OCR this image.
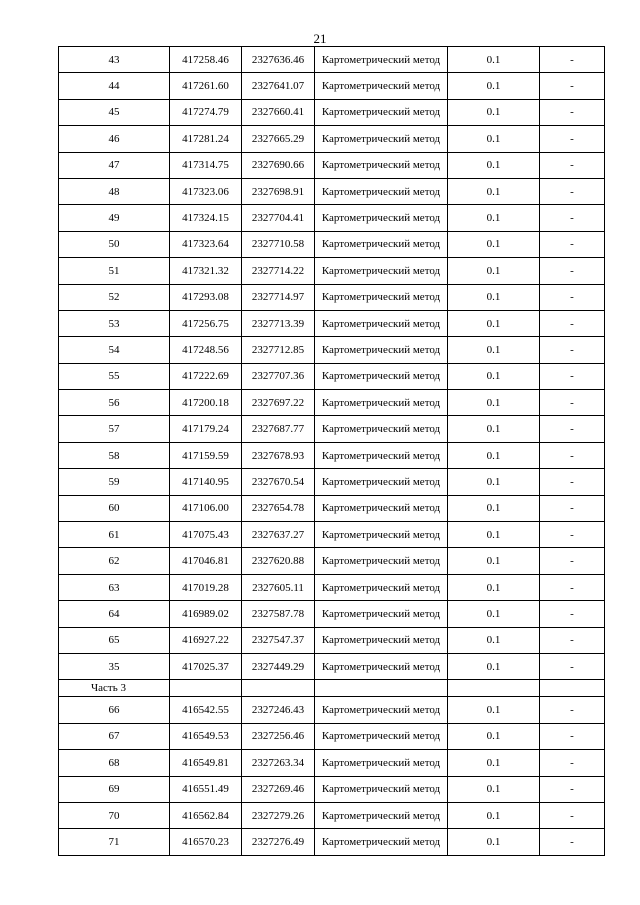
21
43	417258.46	2327636.46	Картометрический метод	0.1	-
44	417261.60	2327641.07	Картометрический метод	0.1	-
45	417274.79	2327660.41	Картометрический метод	0.1	-
46	417281.24	2327665.29	Картометрический метод	0.1	-
47	417314.75	2327690.66	Картометрический метод	0.1	-
48	417323.06	2327698.91	Картометрический метод	0.1	-
49	417324.15	2327704.41	Картометрический метод	0.1	-
50	417323.64	2327710.58	Картометрический метод	0.1	-
51	417321.32	2327714.22	Картометрический метод	0.1	-
52	417293.08	2327714.97	Картометрический метод	0.1	-
53	417256.75	2327713.39	Картометрический метод	0.1	-
54	417248.56	2327712.85	Картометрический метод	0.1	-
55	417222.69	2327707.36	Картометрический метод	0.1	-
56	417200.18	2327697.22	Картометрический метод	0.1	-
57	417179.24	2327687.77	Картометрический метод	0.1	-
58	417159.59	2327678.93	Картометрический метод	0.1	-
59	417140.95	2327670.54	Картометрический метод	0.1	-
60	417106.00	2327654.78	Картометрический метод	0.1	-
61	417075.43	2327637.27	Картометрический метод	0.1	-
62	417046.81	2327620.88	Картометрический метод	0.1	-
63	417019.28	2327605.11	Картометрический метод	0.1	-
64	416989.02	2327587.78	Картометрический метод	0.1	-
65	416927.22	2327547.37	Картометрический метод	0.1	-
35	417025.37	2327449.29	Картометрический метод	0.1	-
Часть 3					
66	416542.55	2327246.43	Картометрический метод	0.1	-
67	416549.53	2327256.46	Картометрический метод	0.1	-
68	416549.81	2327263.34	Картометрический метод	0.1	-
69	416551.49	2327269.46	Картометрический метод	0.1	-
70	416562.84	2327279.26	Картометрический метод	0.1	-
71	416570.23	2327276.49	Картометрический метод	0.1	-
